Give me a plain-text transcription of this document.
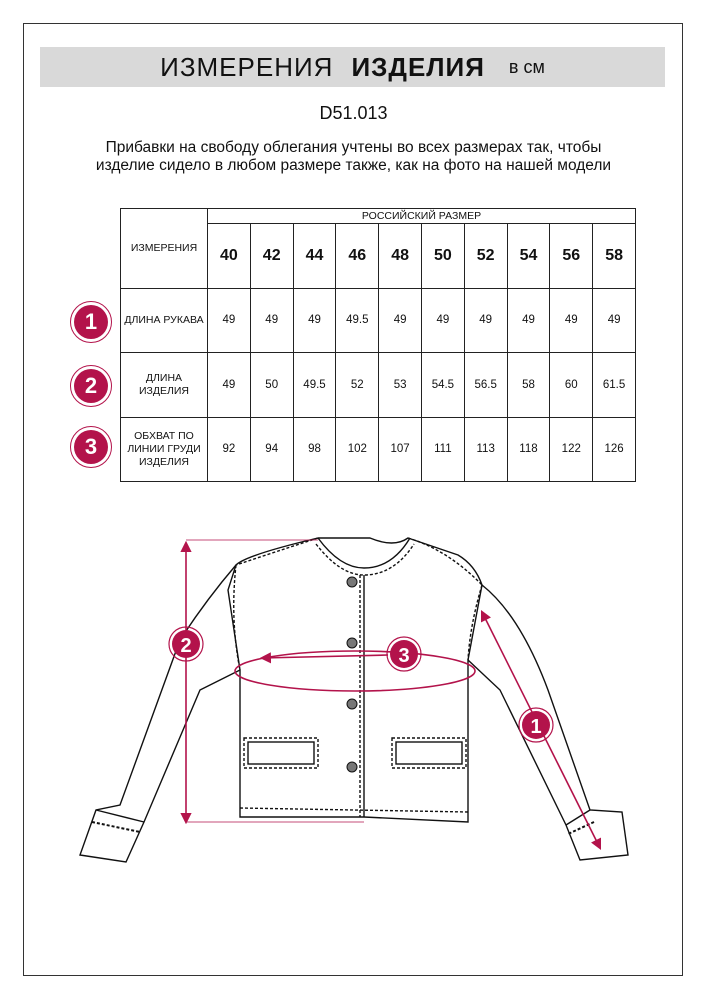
ИЗМЕРЕНИЯ ИЗДЕЛИЯ в см
D51.013
Прибавки на свободу облегания учтены во всех размерах так, чтобы изделие сидело в любом размере также, как на фото на нашей модели
ИЗМЕРЕНИЯ	РОССИЙСКИЙ РАЗМЕР									
	40	42	44	46	48	50	52	54	56	58
ДЛИНА РУКАВА	49	49	49	49.5	49	49	49	49	49	49
ДЛИНА ИЗДЕЛИЯ	49	50	49.5	52	53	54.5	56.5	58	60	61.5
ОБХВАТ ПО ЛИНИИ ГРУДИ ИЗДЕЛИЯ	92	94	98	102	107	111	113	118	122	126
1
2
3
2	3
1
